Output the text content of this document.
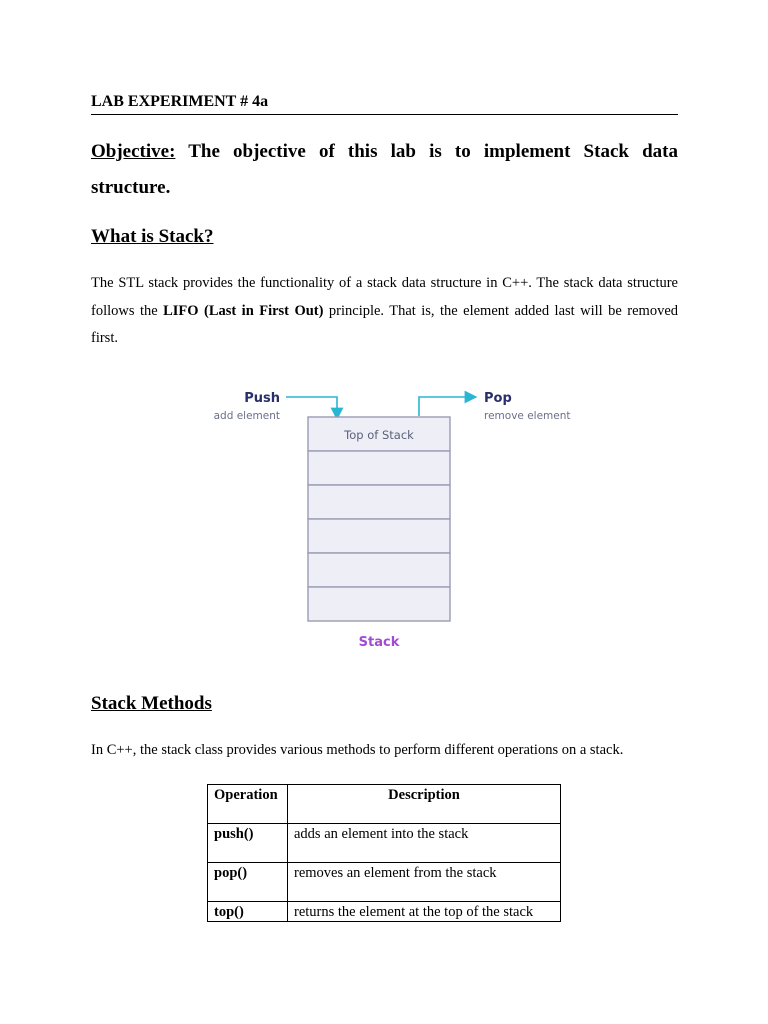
LAB EXPERIMENT # 4a
Objective: The objective of this lab is to implement Stack data structure.
What is Stack?
The STL stack provides the functionality of a stack data structure in C++. The stack data structure follows the LIFO (Last in First Out) principle. That is, the element added last will be removed first.
Push
add element
Pop
remove element
Top of Stack
Stack
Stack Methods
In C++, the stack class provides various methods to perform different operations on a stack.
Operation	Description
push()	adds an element into the stack
pop()	removes an element from the stack
top()	returns the element at the top of the stack
